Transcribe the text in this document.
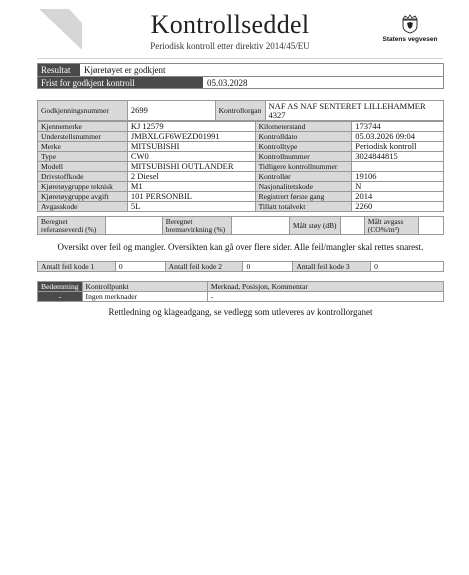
Kontrollseddel
Periodisk kontroll etter direktiv 2014/45/EU
Statens vegvesen
Resultat	Kjøretøyet er godkjent
Frist for godkjent kontroll	05.03.2028
Godkjenningsnummer	2699	Kontrollorgan	NAF AS NAF SENTERET LILLEHAMMER 4327
Kjennemerke	KJ 12579	Kilometerstand	173744
Understellsnummer	JMBXLGF6WEZD01991	Kontrolldato	05.03.2026 09:04
Merke	MITSUBISHI	Kontrolltype	Periodisk kontroll
Type	CW0	Kontrollnummer	3024844815
Modell	MITSUBISHI OUTLANDER	Tidligere kontrollnummer	
Drivstoffkode	2 Diesel	Kontrollør	19106
Kjøretøygruppe teknisk	M1	Nasjonalitetskode	N
Kjøretøygruppe avgift	101 PERSONBIL	Registrert første gang	2014
Avgasskode	5L	Tillatt totalvekt	2260
Beregnet referanseverdi (%)		Beregnet bremsevirkning (%)		Målt støy (dB)		Målt avgass (CO%/m³)	
Oversikt over feil og mangler. Oversikten kan gå over flere sider. Alle feil/mangler skal rettes snarest.
Antall feil kode 1	0	Antall feil kode 2	0	Antall feil kode 3	0
Bedømming	Kontrollpunkt	Merknad, Posisjon, Kommentar
-	Ingen merknader	-
Rettledning og klageadgang, se vedlegg som utleveres av kontrollorganet
